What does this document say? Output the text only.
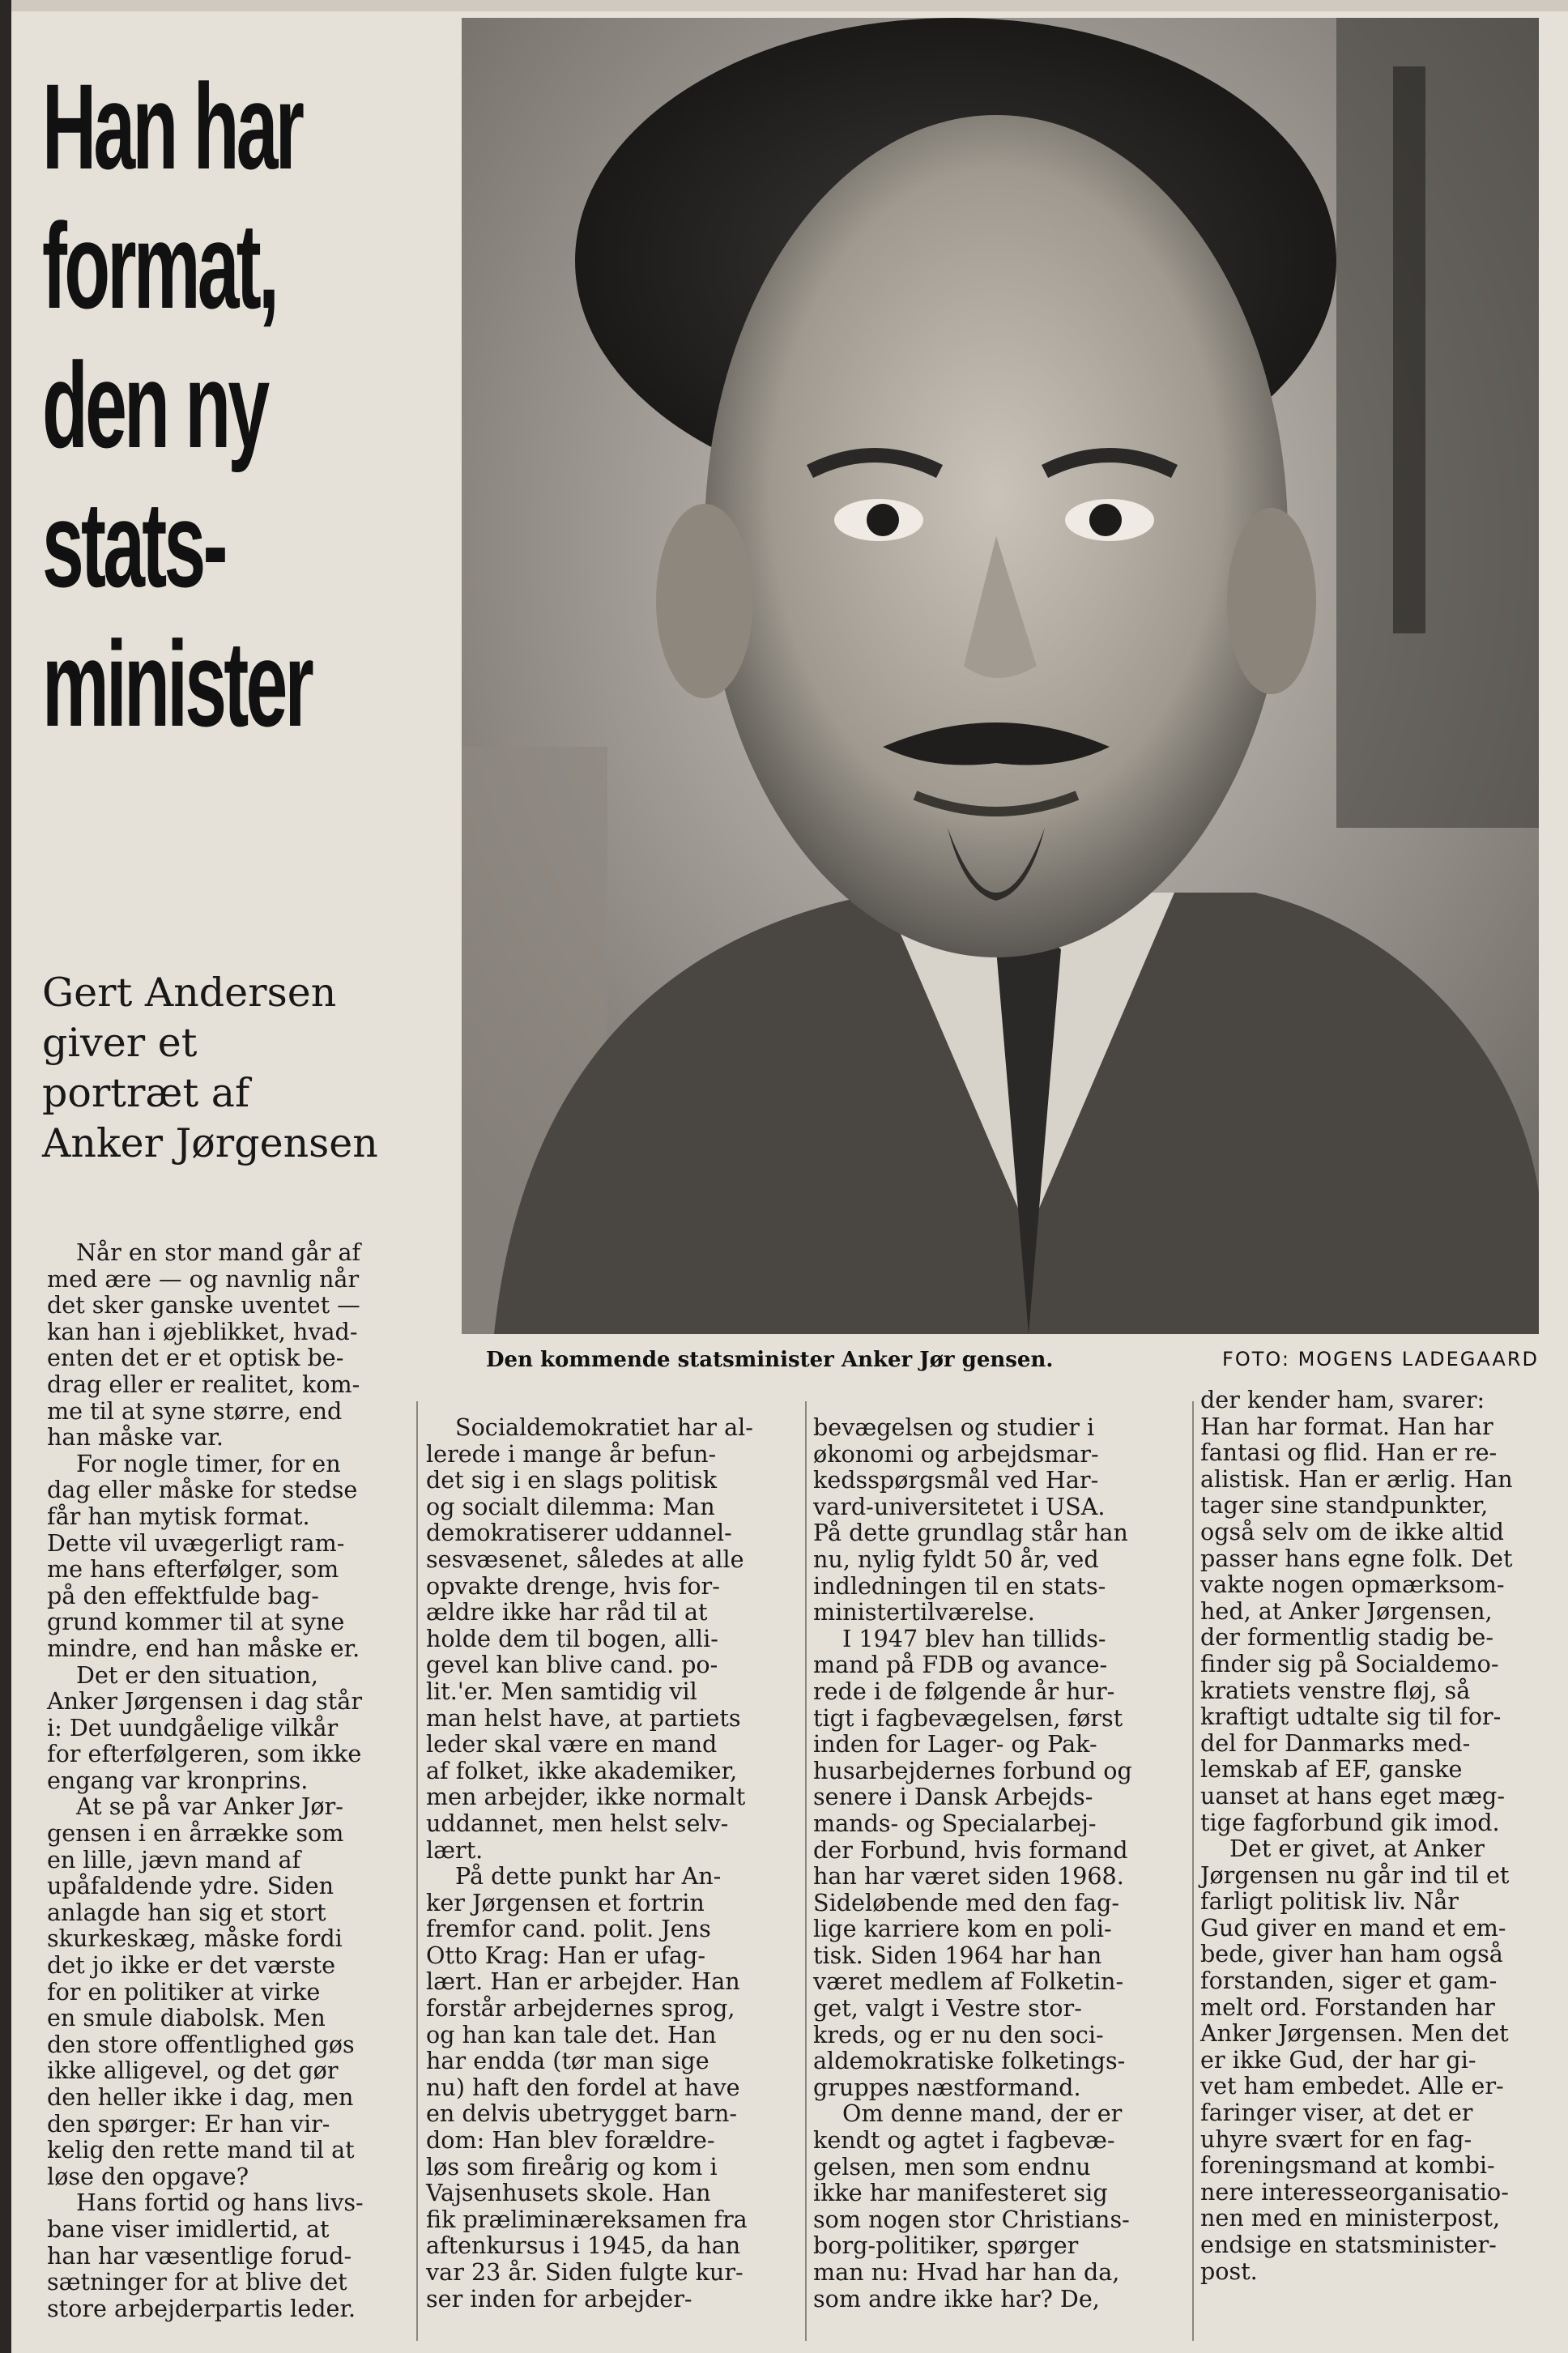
Han har
format,
den ny
stats-
minister
Gert Andersen
giver et
portræt af
Anker Jørgensen
Den kommende statsminister Anker Jør gensen.	FOTO: MOGENS LADEGAARD
Når en stor mand går af
med ære — og navnlig når
det sker ganske uventet —
kan han i øjeblikket, hvad-
enten det er et optisk be-
drag eller er realitet, kom-
me til at syne større, end
han måske var.
For nogle timer, for en
dag eller måske for stedse
får han mytisk format.
Dette vil uvægerligt ram-
me hans efterfølger, som
på den effektfulde bag-
grund kommer til at syne
mindre, end han måske er.
Det er den situation,
Anker Jørgensen i dag står
i: Det uundgåelige vilkår
for efterfølgeren, som ikke
engang var kronprins.
At se på var Anker Jør-
gensen i en årrække som
en lille, jævn mand af
upåfaldende ydre. Siden
anlagde han sig et stort
skurkeskæg, måske fordi
det jo ikke er det værste
for en politiker at virke
en smule diabolsk. Men
den store offentlighed gøs
ikke alligevel, og det gør
den heller ikke i dag, men
den spørger: Er han vir-
kelig den rette mand til at
løse den opgave?
Hans fortid og hans livs-
bane viser imidlertid, at
han har væsentlige forud-
sætninger for at blive det
store arbejderpartis leder.
Socialdemokratiet har al-
lerede i mange år befun-
det sig i en slags politisk
og socialt dilemma: Man
demokratiserer uddannel-
sesvæsenet, således at alle
opvakte drenge, hvis for-
ældre ikke har råd til at
holde dem til bogen, alli-
gevel kan blive cand. po-
lit.'er. Men samtidig vil
man helst have, at partiets
leder skal være en mand
af folket, ikke akademiker,
men arbejder, ikke normalt
uddannet, men helst selv-
lært.
På dette punkt har An-
ker Jørgensen et fortrin
fremfor cand. polit. Jens
Otto Krag: Han er ufag-
lært. Han er arbejder. Han
forstår arbejdernes sprog,
og han kan tale det. Han
har endda (tør man sige
nu) haft den fordel at have
en delvis ubetrygget barn-
dom: Han blev forældre-
løs som fireårig og kom i
Vajsenhusets skole. Han
fik præliminæreksamen fra
aftenkursus i 1945, da han
var 23 år. Siden fulgte kur-
ser inden for arbejder-
bevægelsen og studier i
økonomi og arbejdsmar-
kedsspørgsmål ved Har-
vard-universitetet i USA.
På dette grundlag står han
nu, nylig fyldt 50 år, ved
indledningen til en stats-
ministertilværelse.
I 1947 blev han tillids-
mand på FDB og avance-
rede i de følgende år hur-
tigt i fagbevægelsen, først
inden for Lager- og Pak-
husarbejdernes forbund og
senere i Dansk Arbejds-
mands- og Specialarbej-
der Forbund, hvis formand
han har været siden 1968.
Sideløbende med den fag-
lige karriere kom en poli-
tisk. Siden 1964 har han
været medlem af Folketin-
get, valgt i Vestre stor-
kreds, og er nu den soci-
aldemokratiske folketings-
gruppes næstformand.
Om denne mand, der er
kendt og agtet i fagbevæ-
gelsen, men som endnu
ikke har manifesteret sig
som nogen stor Christians-
borg-politiker, spørger
man nu: Hvad har han da,
som andre ikke har? De,
der kender ham, svarer:
Han har format. Han har
fantasi og flid. Han er re-
alistisk. Han er ærlig. Han
tager sine standpunkter,
også selv om de ikke altid
passer hans egne folk. Det
vakte nogen opmærksom-
hed, at Anker Jørgensen,
der formentlig stadig be-
finder sig på Socialdemo-
kratiets venstre fløj, så
kraftigt udtalte sig til for-
del for Danmarks med-
lemskab af EF, ganske
uanset at hans eget mæg-
tige fagforbund gik imod.
Det er givet, at Anker
Jørgensen nu går ind til et
farligt politisk liv. Når
Gud giver en mand et em-
bede, giver han ham også
forstanden, siger et gam-
melt ord. Forstanden har
Anker Jørgensen. Men det
er ikke Gud, der har gi-
vet ham embedet. Alle er-
faringer viser, at det er
uhyre svært for en fag-
foreningsmand at kombi-
nere interesseorganisatio-
nen med en ministerpost,
endsige en statsminister-
post.
